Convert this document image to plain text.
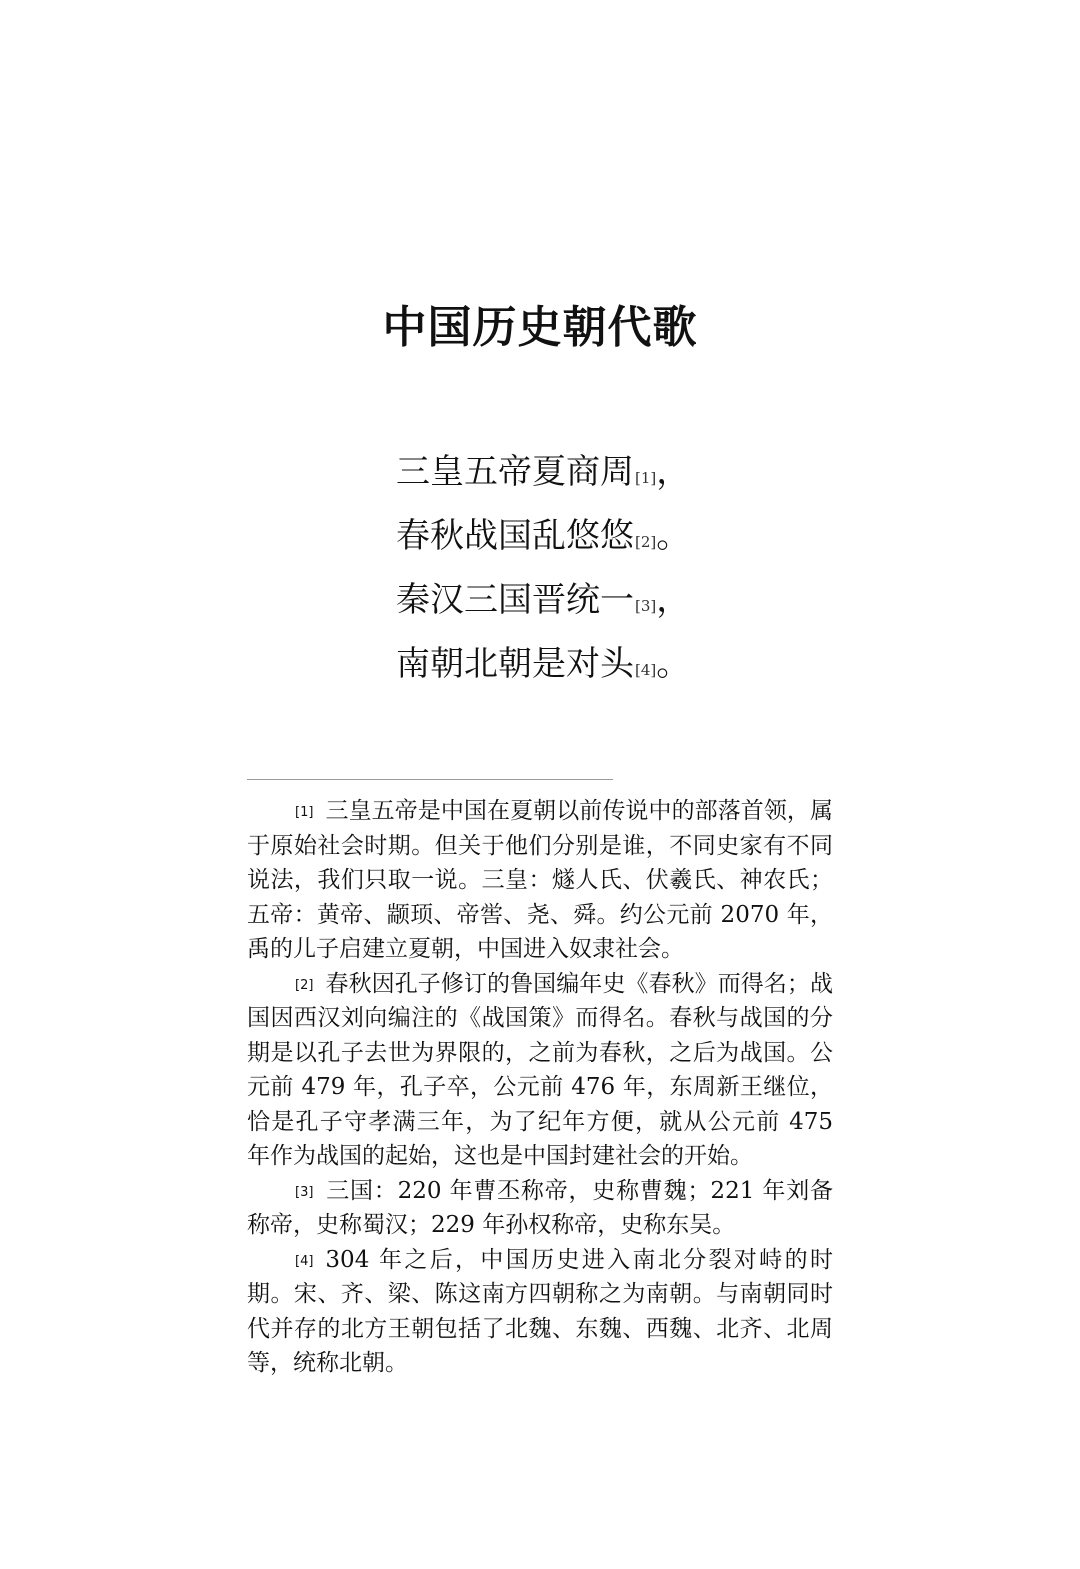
中国历史朝代歌
三皇五帝夏商周[1]，
春秋战国乱悠悠[2]。
秦汉三国晋统一[3]，
南朝北朝是对头[4]。

[1] 三皇五帝是中国在夏朝以前传说中的部落首领，属于原始社会时期。但关于他们分别是谁，不同史家有不同说法，我们只取一说。三皇：燧人氏、伏羲氏、神农氏；五帝：黄帝、颛顼、帝喾、尧、舜。约公元前 2070 年，禹的儿子启建立夏朝，中国进入奴隶社会。

[2] 春秋因孔子修订的鲁国编年史《春秋》而得名；战国因西汉刘向编注的《战国策》而得名。春秋与战国的分期是以孔子去世为界限的，之前为春秋，之后为战国。公元前 479 年，孔子卒，公元前 476 年，东周新王继位，恰是孔子守孝满三年，为了纪年方便，就从公元前 475 年作为战国的起始，这也是中国封建社会的开始。

[3] 三国：220 年曹丕称帝，史称曹魏；221 年刘备称帝，史称蜀汉；229 年孙权称帝，史称东吴。

[4] 304 年之后，中国历史进入南北分裂对峙的时期。宋、齐、梁、陈这南方四朝称之为南朝。与南朝同时代并存的北方王朝包括了北魏、东魏、西魏、北齐、北周等，统称北朝。
